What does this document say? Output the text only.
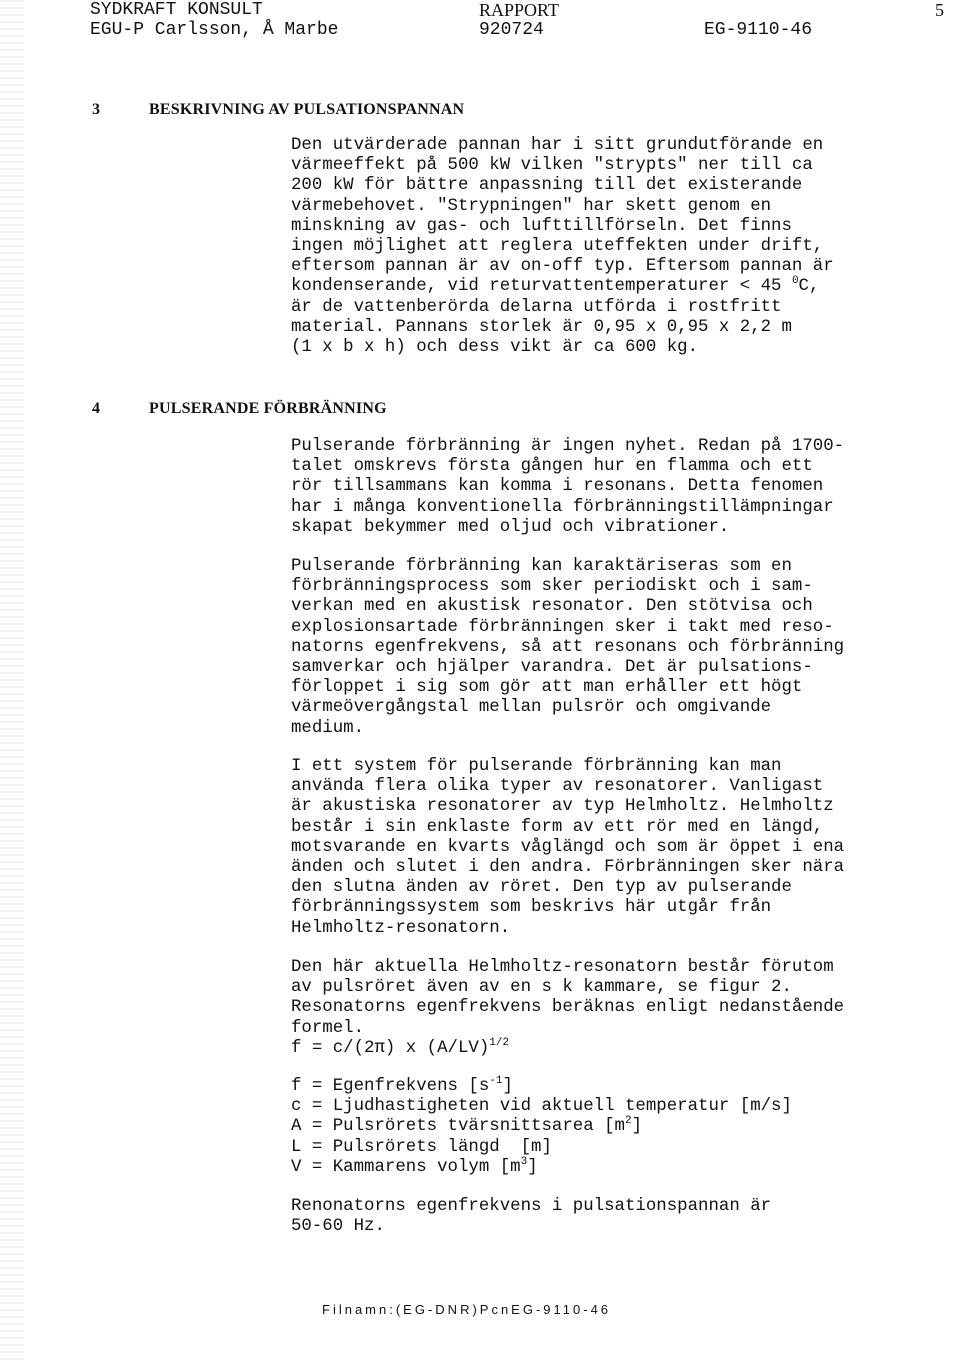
SYDKRAFT KONSULT
EGU-P Carlsson, Å Marbe
RAPPORT
920724
5
EG-9110-46
3	BESKRIVNING AV PULSATIONSPANNAN
Den utvärderade pannan har i sitt grundutförande en
värmeeffekt på 500 kW vilken "strypts" ner till ca
200 kW för bättre anpassning till det existerande
värmebehovet. "Strypningen" har skett genom en
minskning av gas- och lufttillförseln. Det finns
ingen möjlighet att reglera uteffekten under drift,
eftersom pannan är av on-off typ. Eftersom pannan är
kondenserande, vid returvattentemperaturer < 45 $^0$C,
är de vattenberörda delarna utförda i rostfritt
material. Pannans storlek är 0,95 x 0,95 x 2,2 m
(1 x b x h) och dess vikt är ca 600 kg.
4	PULSERANDE FÖRBRÄNNING
Pulserande förbränning är ingen nyhet. Redan på 1700-
talet omskrevs första gången hur en flamma och ett
rör tillsammans kan komma i resonans. Detta fenomen
har i många konventionella förbränningstillämpningar
skapat bekymmer med oljud och vibrationer.
Pulserande förbränning kan karaktäriseras som en
förbränningsprocess som sker periodiskt och i sam-
verkan med en akustisk resonator. Den stötvisa och
explosionsartade förbränningen sker i takt med reso-
natorns egenfrekvens, så att resonans och förbränning
samverkar och hjälper varandra. Det är pulsations-
förloppet i sig som gör att man erhåller ett högt
värmeövergångstal mellan pulsrör och omgivande
medium.
I ett system för pulserande förbränning kan man
använda flera olika typer av resonatorer. Vanligast
är akustiska resonatorer av typ Helmholtz. Helmholtz
består i sin enklaste form av ett rör med en längd,
motsvarande en kvarts våglängd och som är öppet i ena
änden och slutet i den andra. Förbränningen sker nära
den slutna änden av röret. Den typ av pulserande
förbränningssystem som beskrivs här utgår från
Helmholtz-resonatorn.
Den här aktuella Helmholtz-resonatorn består förutom
av pulsröret även av en s k kammare, se figur 2.
Resonatorns egenfrekvens beräknas enligt nedanstående
formel.
f = c/(2π) x $(A/LV)^{1/2}$
f = Egenfrekvens $[s^{-1}]$
c = Ljudhastigheten vid aktuell temperatur [m/s]
A = Pulsrörets tvärsnittsarea $[m^2]$
L = Pulsrörets längd  [m]
V = Kammarens volym $[m^3]$
Renonatorns egenfrekvens i pulsationspannan är
50-60 Hz.
Filnamn:(EG-DNR)PcnEG-9110-46
